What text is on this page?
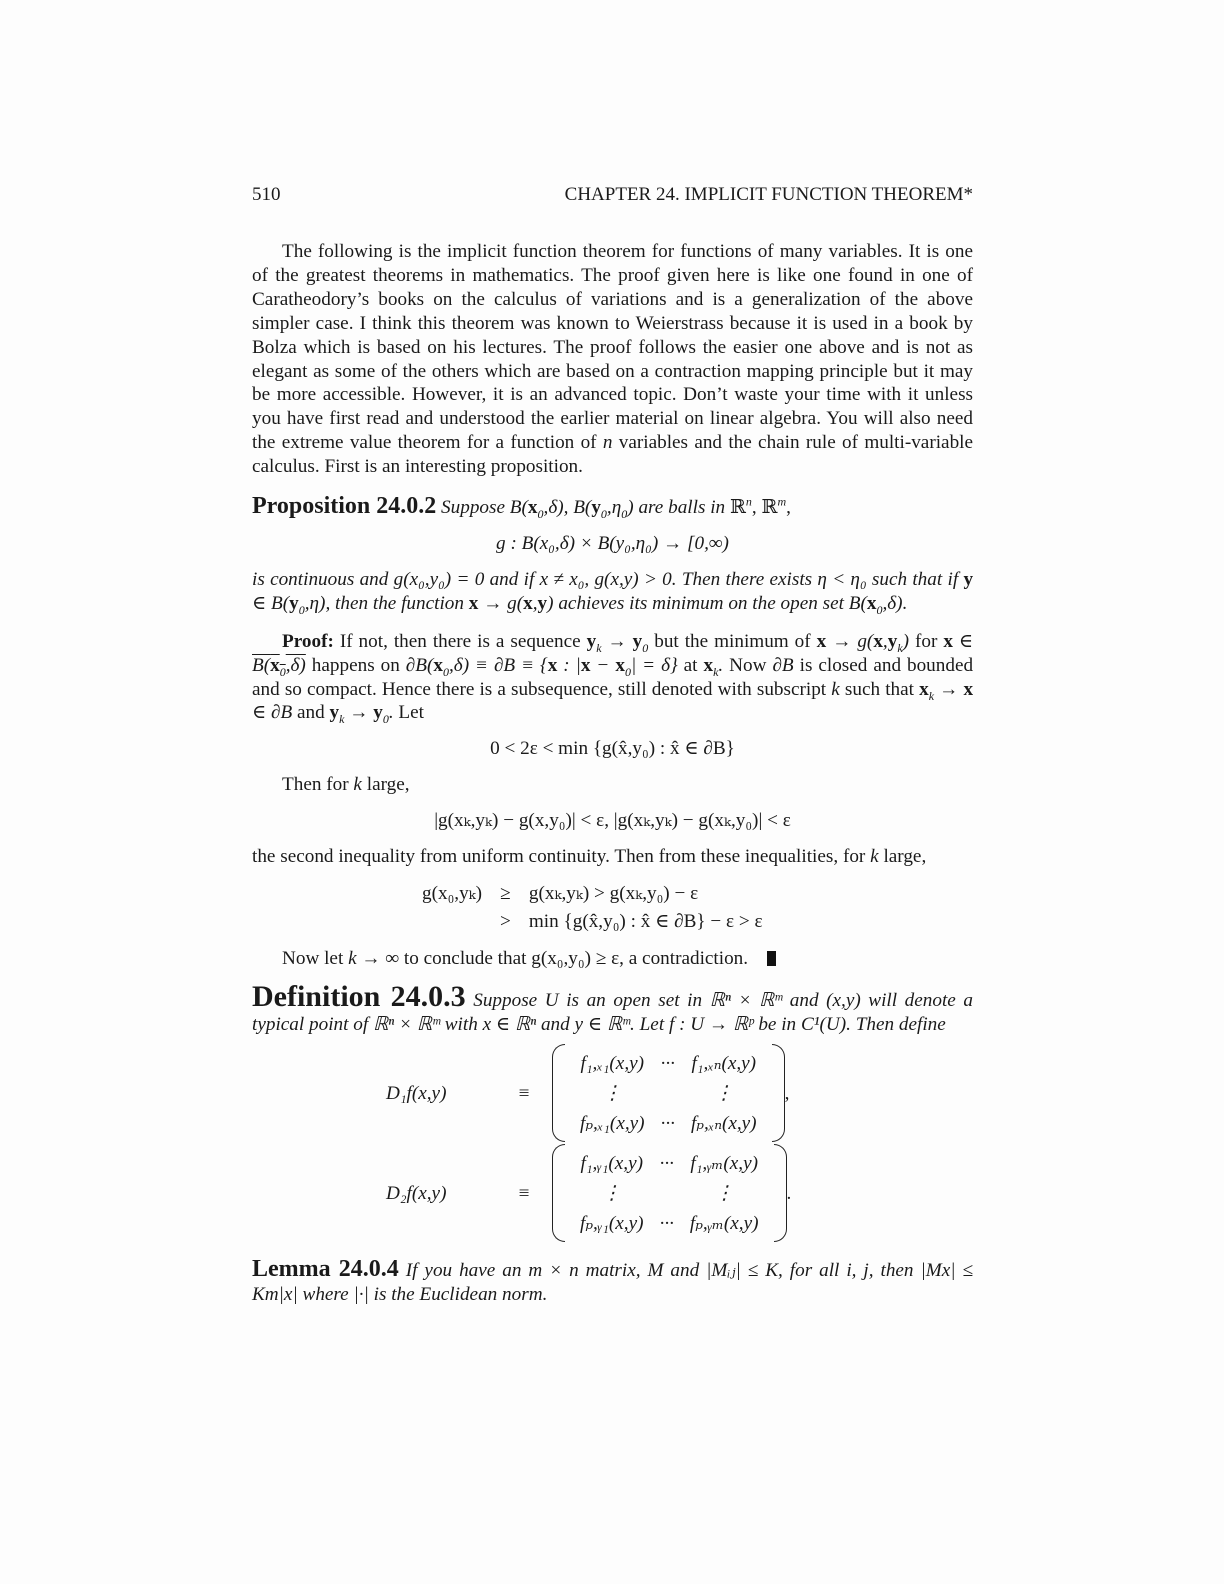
510	CHAPTER 24. IMPLICIT FUNCTION THEOREM*

The following is the implicit function theorem for functions of many variables. It is one of the greatest theorems in mathematics. The proof given here is like one found in one of Caratheodory’s books on the calculus of variations and is a generalization of the above simpler case. I think this theorem was known to Weierstrass because it is used in a book by Bolza which is based on his lectures. The proof follows the easier one above and is not as elegant as some of the others which are based on a contraction mapping principle but it may be more accessible. However, it is an advanced topic. Don’t waste your time with it unless you have first read and understood the earlier material on linear algebra. You will also need the extreme value theorem for a function of n variables and the chain rule of multi-variable calculus. First is an interesting proposition.

Proposition 24.0.2 Suppose $B(x_0,\delta)$, $B(y_0,\eta_0)$ are balls in ℝ$^n$, ℝ$^m$,

g : B(x₀,δ) × B(y₀,η₀) → [0,∞)

is continuous and g(x₀,y₀) = 0 and if x ≠ x₀, g(x,y) > 0. Then there exists η < η₀ such that if y ∈ $B(y_0,\eta)$, then the function x → g(x,y) achieves its minimum on the open set $B(x_0,\delta)$.

Proof: If not, then there is a sequence $y_k \to y_0$ but the minimum of $x \to g(x,y_k)$ for x ∈ $B(x_0,\delta)$ happens on $\partial B(x_0,\delta) \equiv \partial B \equiv \{x$ : $|x - x_0| = \delta$} at $x_k$. Now ∂B is closed and bounded and so compact. Hence there is a subsequence, still denoted with subscript k such that $x_k \to x$ ∈ ∂B and $y_k \to y_0$. Let

0 < 2ε < min {g(x̂,y₀) : x̂ ∈ ∂B}

Then for k large,

|g(xₖ,yₖ) − g(x,y₀)| < ε, |g(xₖ,yₖ) − g(xₖ,y₀)| < ε

the second inequality from uniform continuity. Then from these inequalities, for k large,

g(x₀,yₖ)	≥	g(xₖ,yₖ) > g(xₖ,y₀) − ε
	>	min {g(x̂,y₀) : x̂ ∈ ∂B} − ε > ε

Now let k → ∞ to conclude that g(x₀,y₀) ≥ ε, a contradiction.

Definition 24.0.3 Suppose U is an open set in ℝⁿ × ℝᵐ and (x,y) will denote a typical point of ℝⁿ × ℝᵐ with x ∈ ℝⁿ and y ∈ ℝᵐ. Let f : U → ℝᵖ be in C¹(U). Then define

D₁f(x,y)	≡
f₁,ₓ₁(x,y)	···	f₁,ₓₙ(x,y)
⋮		⋮
fₚ,ₓ₁(x,y)	···	fₚ,ₓₙ(x,y)
,
D₂f(x,y)	≡
f₁,ᵧ₁(x,y)	···	f₁,ᵧₘ(x,y)
⋮		⋮
fₚ,ᵧ₁(x,y)	···	fₚ,ᵧₘ(x,y)
.

Lemma 24.0.4 If you have an m × n matrix, M and |Mᵢⱼ| ≤ K, for all i, j, then |Mx| ≤ Km|x| where |·| is the Euclidean norm.
